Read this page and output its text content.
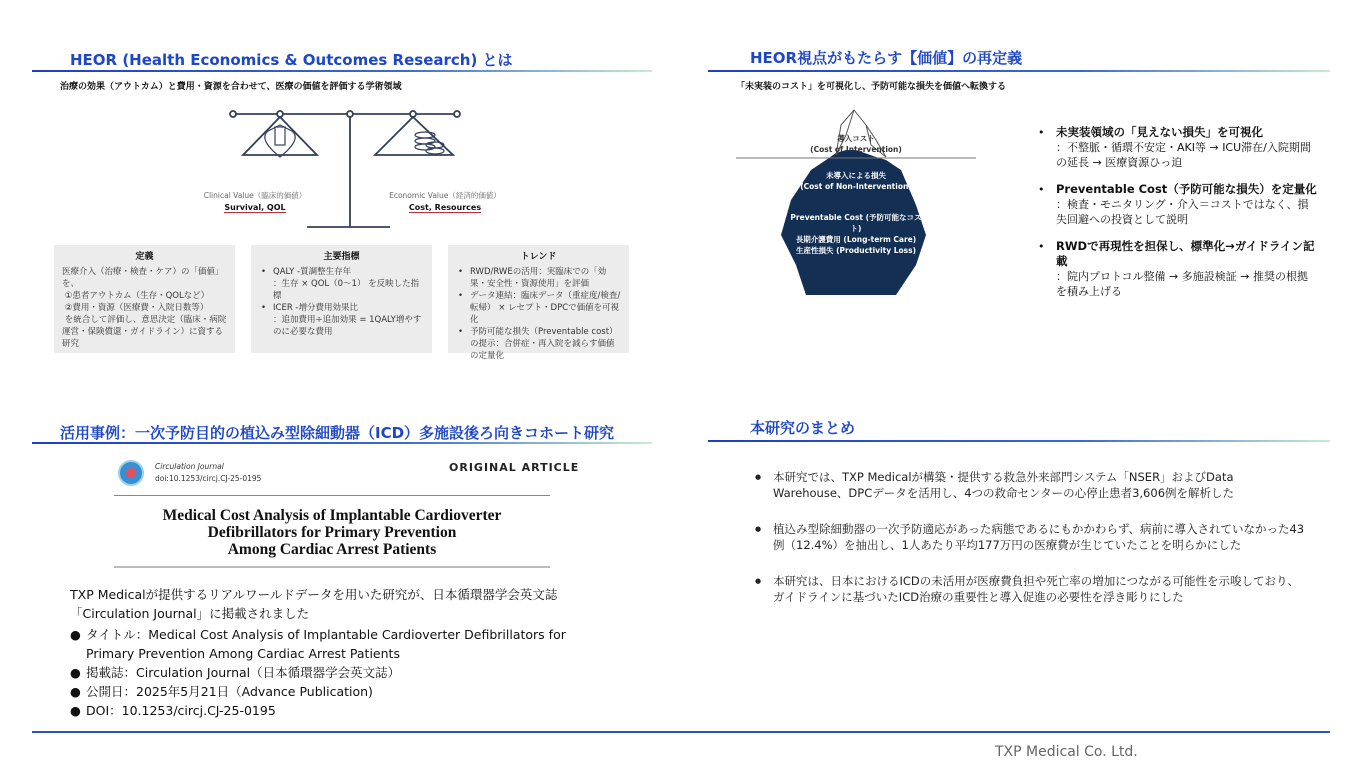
HEOR (Health Economics & Outcomes Research) とは
治療の効果（アウトカム）と費用・資源を合わせて、医療の価値を評価する学術領域
Clinical Value（臨床的価値）
Survival, QOL
Economic Value（経済的価値）
Cost, Resources
定義
医療介入（治療・検査・ケア）の「価値」を、
①患者アウトカム（生存・QOLなど）
②費用・資源（医療費・入院日数等）
を統合して評価し、意思決定（臨床・病院運営・保険償還・ガイドライン）に資する研究
主要指標
• QALY -質調整生存年
：生存 × QOL（0〜1） を反映した指標
• ICER -増分費用効果比
：追加費用÷追加効果 = 1QALY増やすのに必要な費用
トレンド
• RWD/RWEの活用：実臨床での「効果・安全性・資源使用」を評価
• データ連結：臨床データ（重症度/検査/転帰） × レセプト・DPCで価値を可視化
• 予防可能な損失（Preventable cost）の提示：合併症・再入院を減らす価値の定量化
HEOR視点がもたらす【価値】の再定義
「未実装のコスト」を可視化し、予防可能な損失を価値へ転換する
導入コスト
(Cost of Intervention)
未導入による損失
(Cost of Non-Intervention)
Preventable Cost (予防可能なコスト)
長期介護費用 (Long-term Care)
生産性損失 (Productivity Loss)
• 未実装領域の「見えない損失」を可視化
：不整脈・循環不安定・AKI等 → ICU滞在/入院期間の延長 → 医療資源ひっ迫
• Preventable Cost（予防可能な損失）を定量化
：検査・モニタリング・介入＝コストではなく、損失回避への投資として説明
• RWDで再現性を担保し、標準化→ガイドライン記載
：院内プロトコル整備 → 多施設検証 → 推奨の根拠を積み上げる
活用事例：一次予防目的の植込み型除細動器（ICD）多施設後ろ向きコホート研究
Circulation Journal
doi:10.1253/circj.CJ-25-0195
ORIGINAL ARTICLE
Medical Cost Analysis of Implantable Cardioverter
Defibrillators for Primary Prevention
Among Cardiac Arrest Patients
TXP Medicalが提供するリアルワールドデータを用いた研究が、日本循環器学会英文誌「Circulation Journal」に掲載されました
● タイトル：Medical Cost Analysis of Implantable Cardioverter Defibrillators for Primary Prevention Among Cardiac Arrest Patients
● 掲載誌：Circulation Journal（日本循環器学会英文誌）
● 公開日：2025年5月21日（Advance Publication)
● DOI：10.1253/circj.CJ-25-0195
本研究のまとめ
● 本研究では、TXP Medicalが構築・提供する救急外来部門システム「NSER」およびData Warehouse、DPCデータを活用し、4つの救命センターの心停止患者3,606例を解析した
● 植込み型除細動器の一次予防適応があった病態であるにもかかわらず、病前に導入されていなかった43例（12.4%）を抽出し、1人あたり平均177万円の医療費が生じていたことを明らかにした
● 本研究は、日本におけるICDの未活用が医療費負担や死亡率の増加につながる可能性を示唆しており、ガイドラインに基づいたICD治療の重要性と導入促進の必要性を浮き彫りにした
TXP Medical Co. Ltd.
